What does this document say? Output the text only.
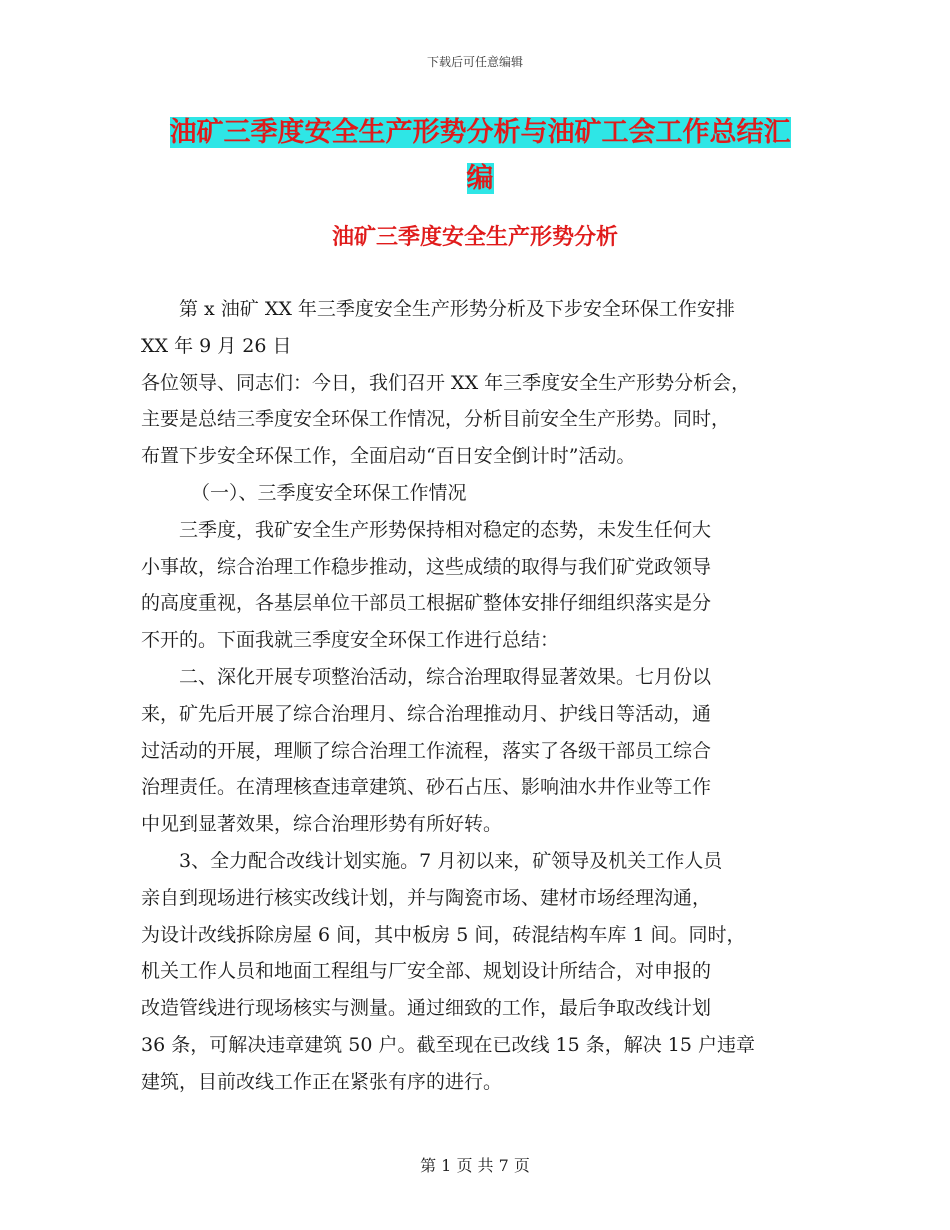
下载后可任意编辑
油矿三季度安全生产形势分析与油矿工会工作总结汇
编
油矿三季度安全生产形势分析
第 x 油矿 XX 年三季度安全生产形势分析及下步安全环保工作安排
XX 年 9 月 26 日
各位领导、同志们：今日，我们召开 XX 年三季度安全生产形势分析会，
主要是总结三季度安全环保工作情况，分析目前安全生产形势。同时，
布置下步安全环保工作，全面启动“百日安全倒计时”活动。
（一）、三季度安全环保工作情况
三季度，我矿安全生产形势保持相对稳定的态势，未发生任何大
小事故，综合治理工作稳步推动，这些成绩的取得与我们矿党政领导
的高度重视，各基层单位干部员工根据矿整体安排仔细组织落实是分
不开的。下面我就三季度安全环保工作进行总结：
二、深化开展专项整治活动，综合治理取得显著效果。七月份以
来，矿先后开展了综合治理月、综合治理推动月、护线日等活动，通
过活动的开展，理顺了综合治理工作流程，落实了各级干部员工综合
治理责任。在清理核查违章建筑、砂石占压、影响油水井作业等工作
中见到显著效果，综合治理形势有所好转。
3、全力配合改线计划实施。7 月初以来，矿领导及机关工作人员
亲自到现场进行核实改线计划，并与陶瓷市场、建材市场经理沟通，
为设计改线拆除房屋 6 间，其中板房 5 间，砖混结构车库 1 间。同时，
机关工作人员和地面工程组与厂安全部、规划设计所结合，对申报的
改造管线进行现场核实与测量。通过细致的工作，最后争取改线计划
36 条，可解决违章建筑 50 户。截至现在已改线 15 条，解决 15 户违章
建筑，目前改线工作正在紧张有序的进行。
第 1 页 共 7 页
